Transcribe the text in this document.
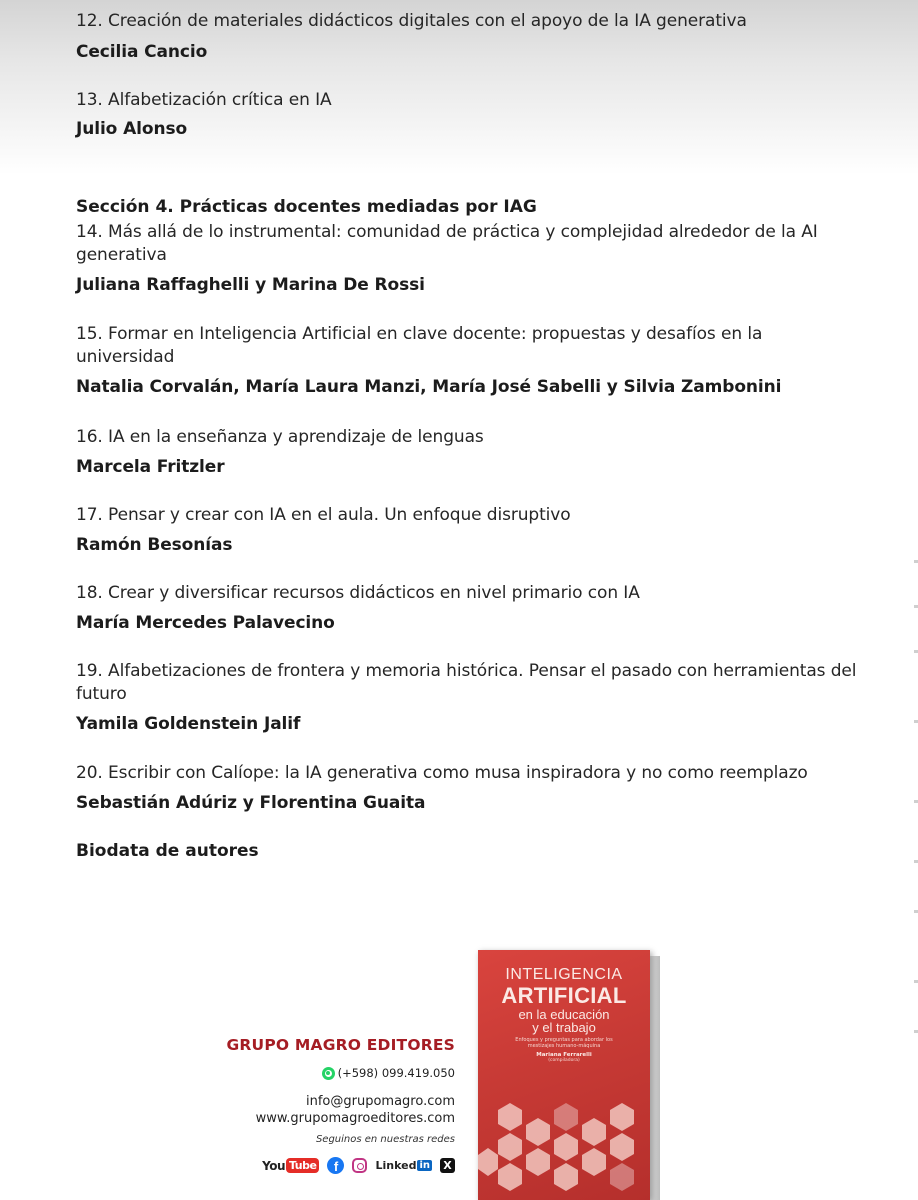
12. Creación de materiales didácticos digitales con el apoyo de la IA generativa
Cecilia Cancio
13. Alfabetización crítica en IA
Julio Alonso
Sección 4. Prácticas docentes mediadas por IAG
14. Más allá de lo instrumental: comunidad de práctica y complejidad alrededor de la AI generativa
Juliana Raffaghelli y Marina De Rossi
15. Formar en Inteligencia Artificial en clave docente: propuestas y desafíos en la universidad
Natalia Corvalán, María Laura Manzi, María José Sabelli y Silvia Zambonini
16. IA en la enseñanza y aprendizaje de lenguas
Marcela Fritzler
17. Pensar y crear con IA en el aula. Un enfoque disruptivo
Ramón Besonías
18. Crear y diversificar recursos didácticos en nivel primario con IA
María Mercedes Palavecino
19. Alfabetizaciones de frontera y memoria histórica. Pensar el pasado con herramientas del futuro
Yamila Goldenstein Jalif
20. Escribir con Calíope: la IA generativa como musa inspiradora y no como reemplazo
Sebastián Adúriz y Florentina Guaita
Biodata de autores
GRUPO MAGRO EDITORES
(+598) 099.419.050
info@grupomagro.com
www.grupomagroeditores.com
Seguinos en nuestras redes
You Tube	f	Linked in X
INTELIGENCIA
ARTIFICIAL
en la educación
y el trabajo
Enfoques y preguntas para abordar los mestizajes humano-máquina
Mariana Ferrarelli
(compiladora)
